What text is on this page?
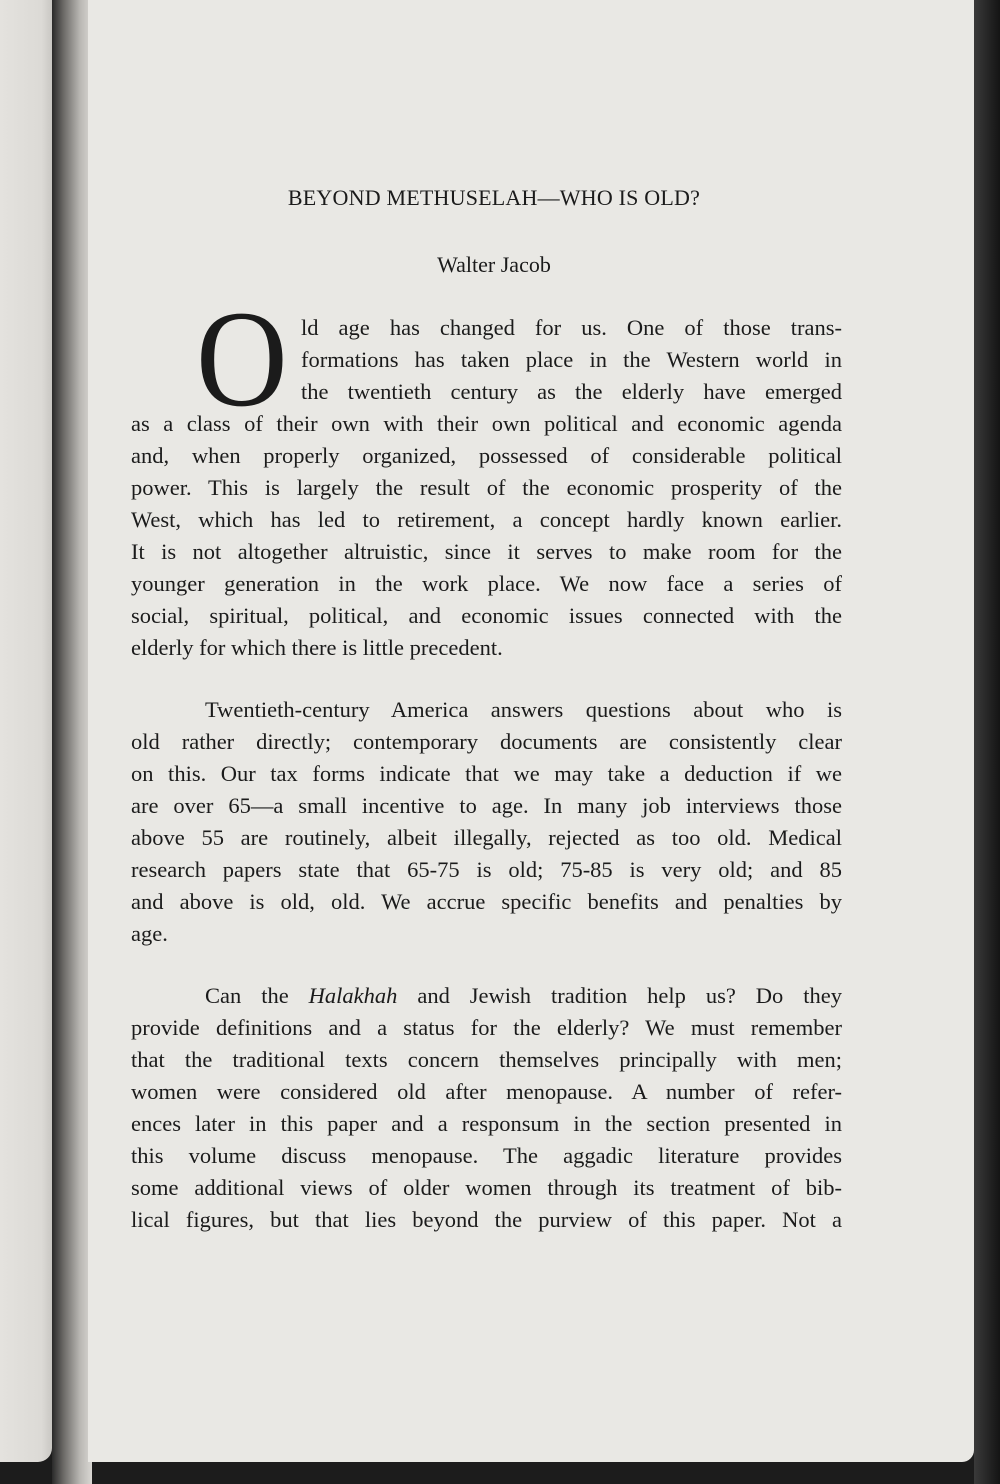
BEYOND METHUSELAH—WHO IS OLD?
Walter Jacob
O ld age has changed for us. One of those trans-
formations has taken place in the Western world in
the twentieth century as the elderly have emerged
as a class of their own with their own political and economic agenda
and, when properly organized, possessed of considerable political
power. This is largely the result of the economic prosperity of the
West, which has led to retirement, a concept hardly known earlier.
It is not altogether altruistic, since it serves to make room for the
younger generation in the work place. We now face a series of
social, spiritual, political, and economic issues connected with the
elderly for which there is little precedent.
Twentieth-century America answers questions about who is
old rather directly; contemporary documents are consistently clear
on this. Our tax forms indicate that we may take a deduction if we
are over 65—a small incentive to age. In many job interviews those
above 55 are routinely, albeit illegally, rejected as too old. Medical
research papers state that 65-75 is old; 75-85 is very old; and 85
and above is old, old. We accrue specific benefits and penalties by
age.
Can the Halakhah and Jewish tradition help us? Do they
provide definitions and a status for the elderly? We must remember
that the traditional texts concern themselves principally with men;
women were considered old after menopause. A number of refer-
ences later in this paper and a responsum in the section presented in
this volume discuss menopause. The aggadic literature provides
some additional views of older women through its treatment of bib-
lical figures, but that lies beyond the purview of this paper. Not a
